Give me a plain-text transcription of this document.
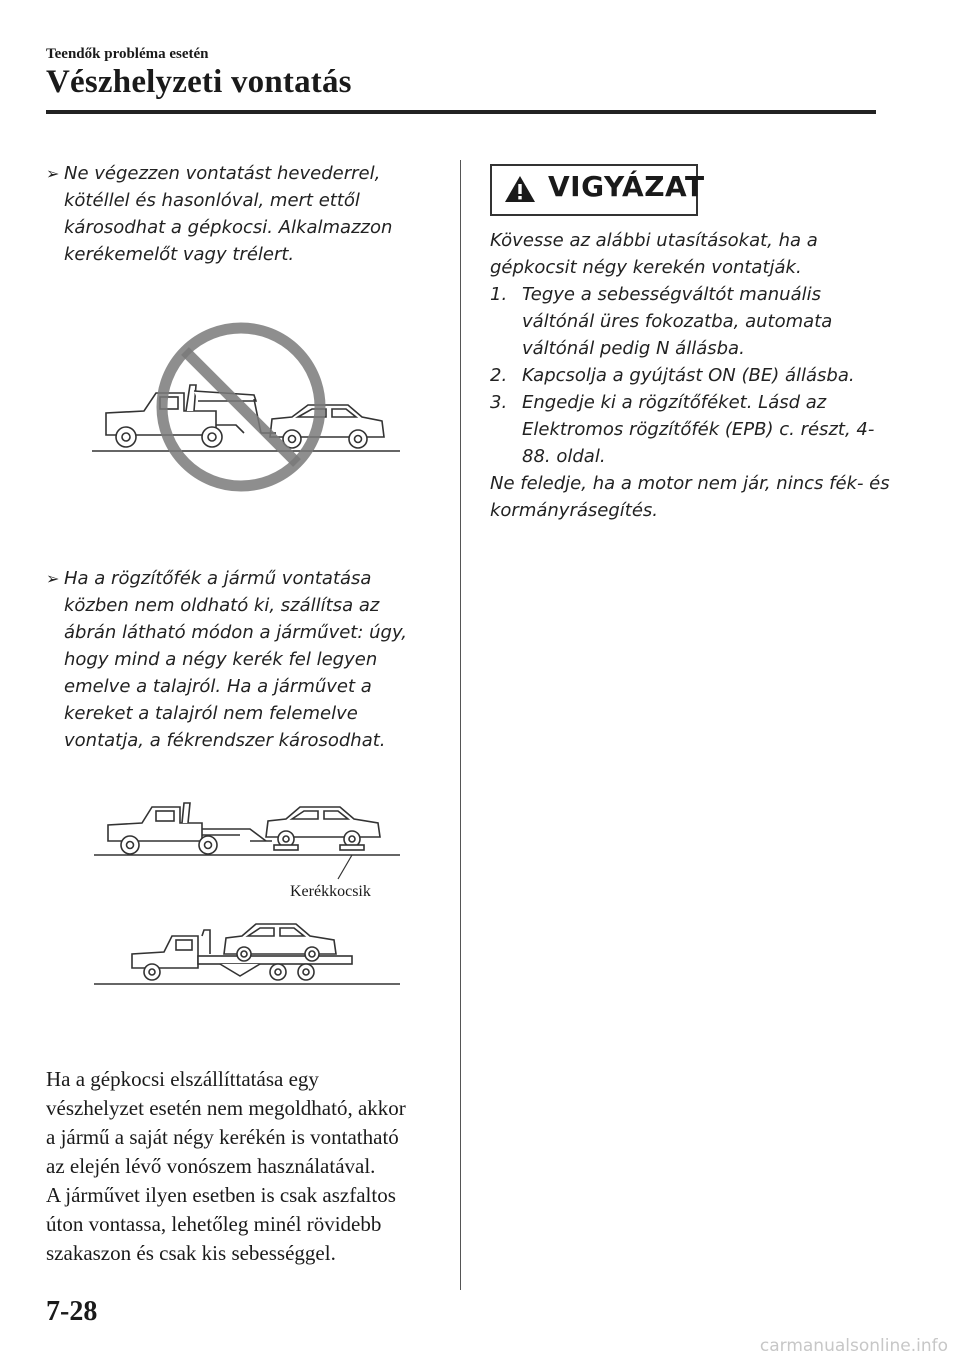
Teendők probléma esetén
Vészhelyzeti vontatás
➢ Ne végezzen vontatást hevederrel, kötéllel és hasonlóval, mert ettől károsodhat a gépkocsi. Alkalmazzon kerékemelőt vagy trélert.
➢ Ha a rögzítőfék a jármű vontatása közben nem oldható ki, szállítsa az ábrán látható módon a járművet: úgy, hogy mind a négy kerék fel legyen emelve a talajról. Ha a járművet a kereket a talajról nem felemelve vontatja, a fékrendszer károsodhat.
Kerékkocsik

Ha a gépkocsi elszállíttatása egy

vészhelyzet esetén nem megoldható, akkor

a jármű a saját négy kerékén is vontatható

az elején lévő vonószem használatával.

A járművet ilyen esetben is csak aszfaltos

úton vontassa, lehetőleg minél rövidebb

szakaszon és csak kis sebességgel.

VIGYÁZAT
Kövesse az alábbi utasításokat, ha a gépkocsit négy kerekén vontatják.
1. Tegye a sebességváltót manuális váltónál üres fokozatba, automata váltónál pedig N állásba.
2. Kapcsolja a gyújtást ON (BE) állásba.
3. Engedje ki a rögzítőféket. Lásd az Elektromos rögzítőfék (EPB) c. részt, 4-88. oldal.
Ne feledje, ha a motor nem jár, nincs fék- és kormányrásegítés.
7-28
carmanualsonline.info
